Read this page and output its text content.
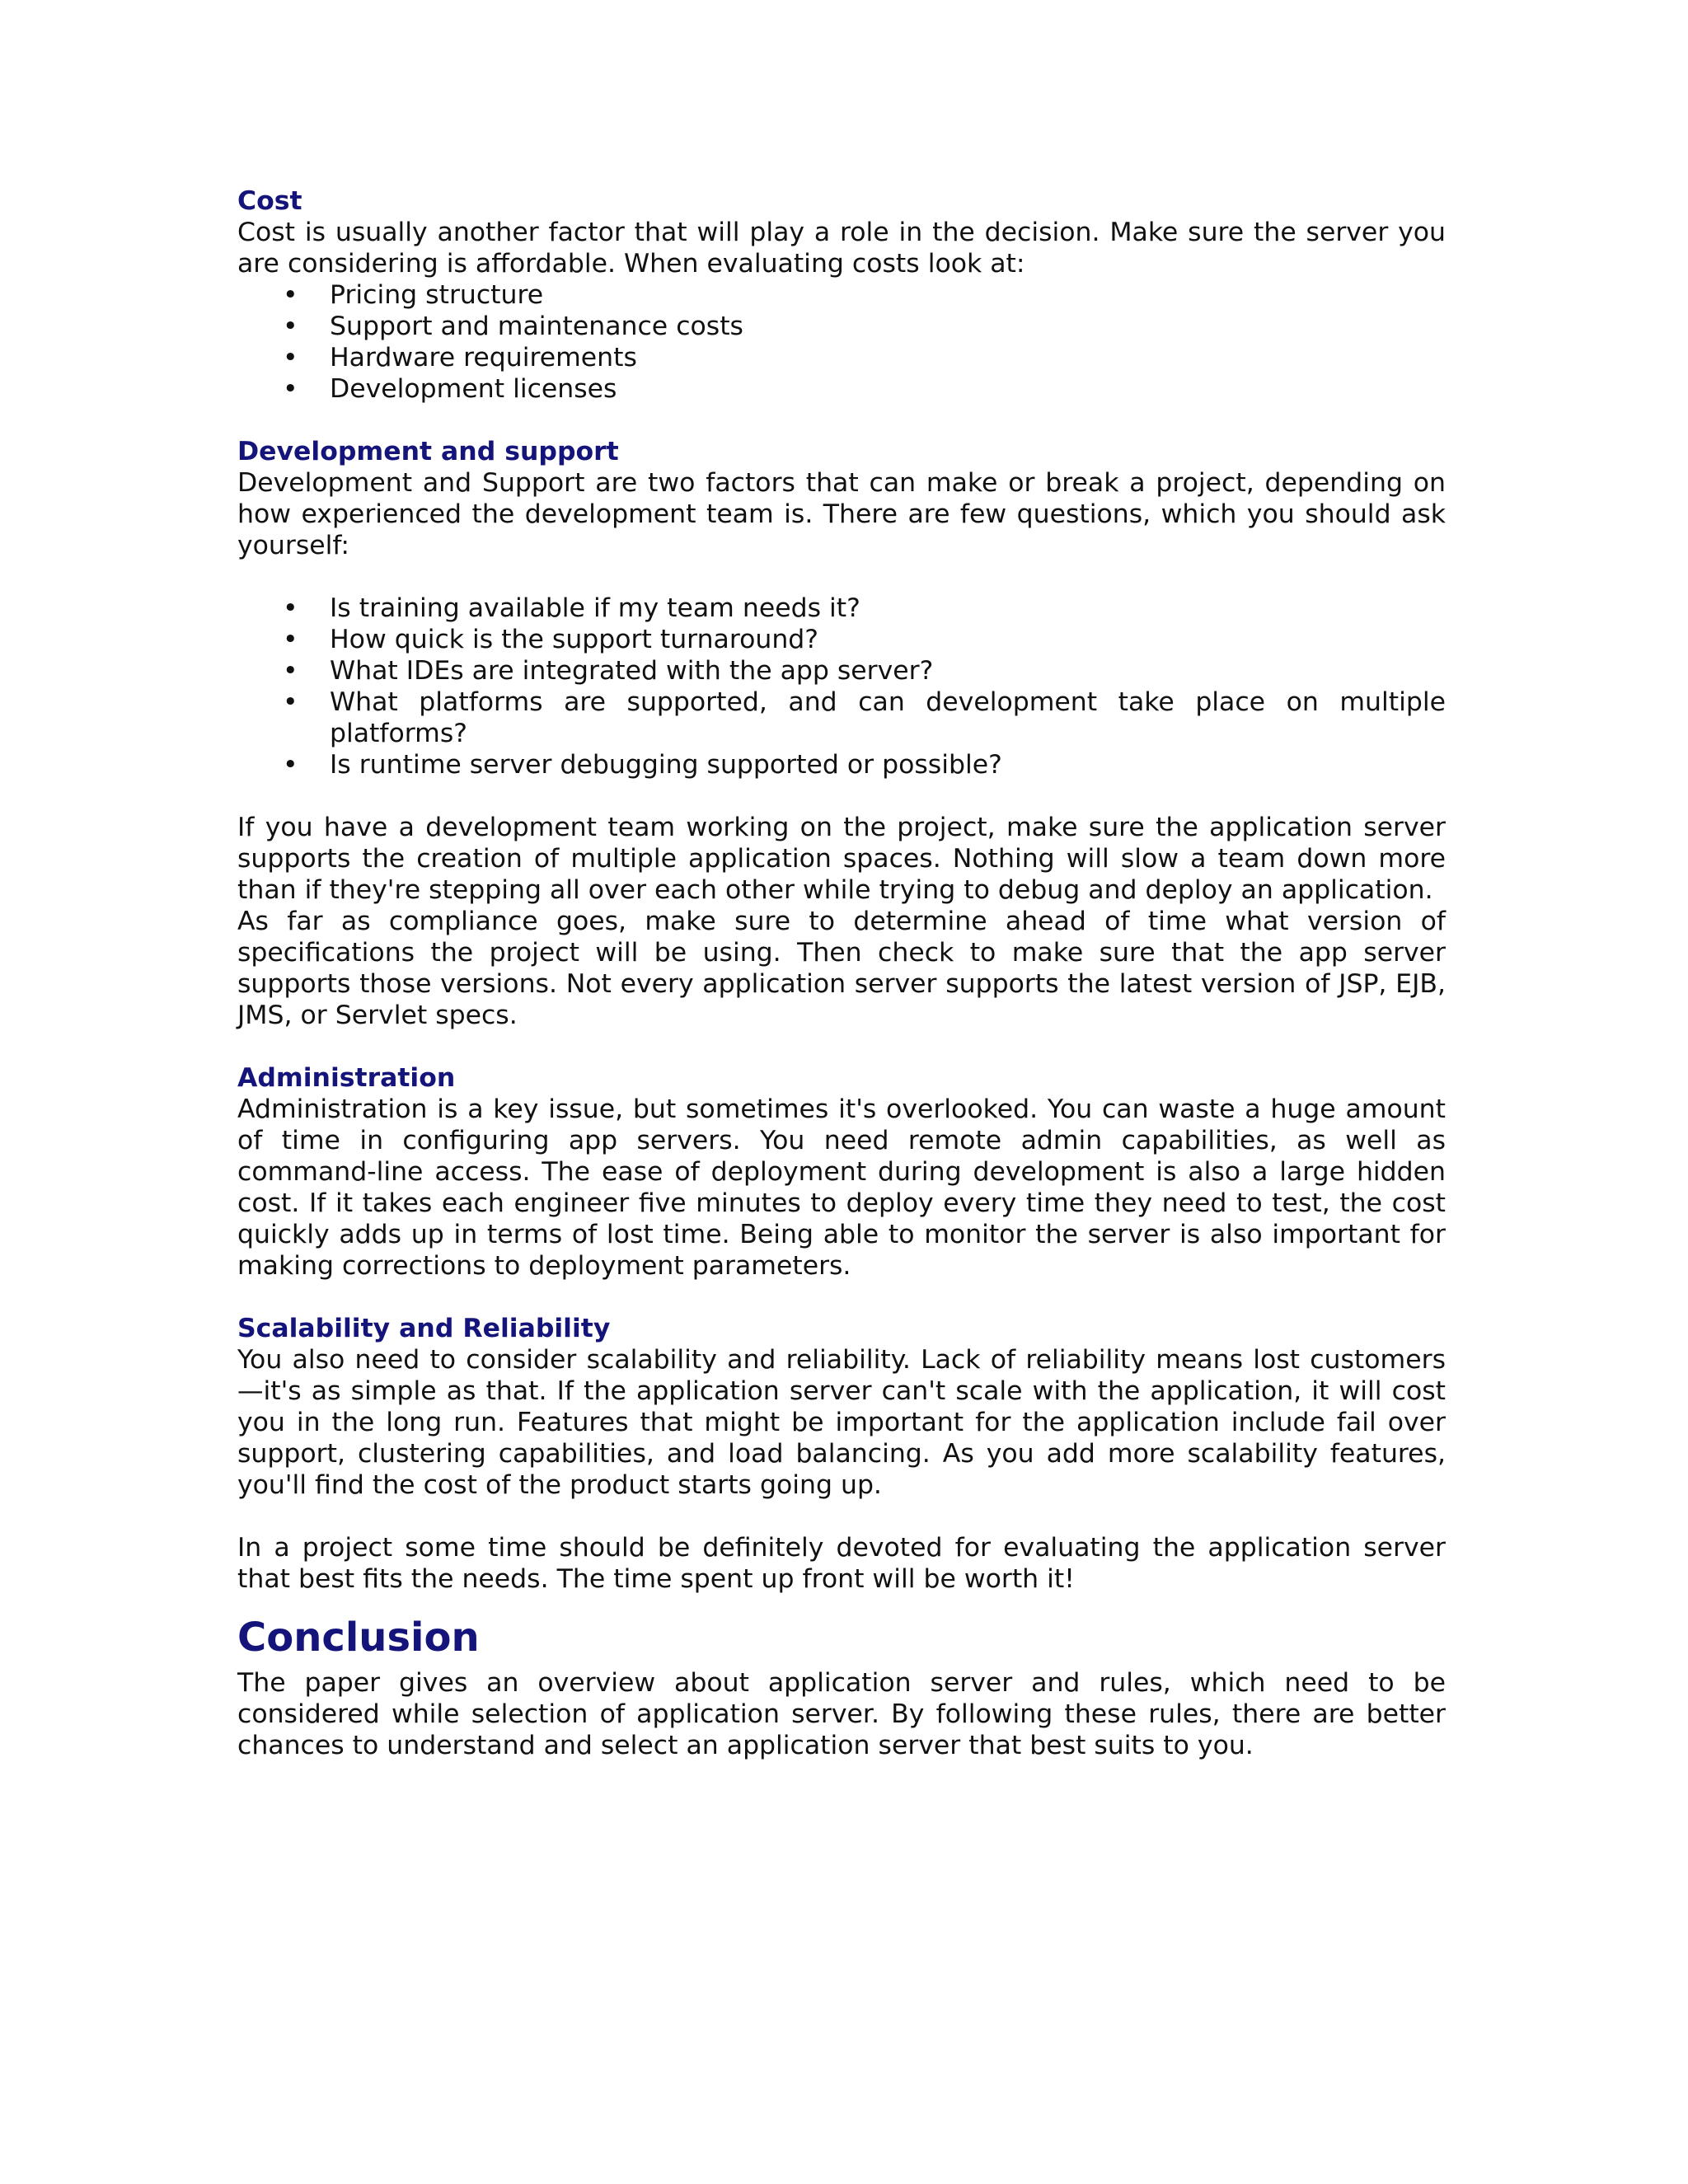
Cost

Cost is usually another factor that will play a role in the decision. Make sure the server you are considering is affordable. When evaluating costs look at:

• Pricing structure
• Support and maintenance costs
• Hardware requirements
• Development licenses
Development and support

Development and Support are two factors that can make or break a project, depending on how experienced the development team is. There are few questions, which you should ask yourself:

• Is training available if my team needs it?
• How quick is the support turnaround?
• What IDEs are integrated with the app server?
• What platforms are supported, and can development take place on multiple platforms?
• Is runtime server debugging supported or possible?

If you have a development team working on the project, make sure the application server supports the creation of multiple application spaces. Nothing will slow a team down more than if they're stepping all over each other while trying to debug and deploy an application.

As far as compliance goes, make sure to determine ahead of time what version of specifications the project will be using. Then check to make sure that the app server supports those versions. Not every application server supports the latest version of JSP, EJB, JMS, or Servlet specs.

Administration

Administration is a key issue, but sometimes it's overlooked. You can waste a huge amount of time in configuring app servers. You need remote admin capabilities, as well as command-line access. The ease of deployment during development is also a large hidden cost. If it takes each engineer five minutes to deploy every time they need to test, the cost quickly adds up in terms of lost time. Being able to monitor the server is also important for making corrections to deployment parameters.

Scalability and Reliability

You also need to consider scalability and reliability. Lack of reliability means lost customers—it's as simple as that. If the application server can't scale with the application, it will cost you in the long run. Features that might be important for the application include fail over support, clustering capabilities, and load balancing. As you add more scalability features, you'll find the cost of the product starts going up.

In a project some time should be definitely devoted for evaluating the application server that best fits the needs. The time spent up front will be worth it!

Conclusion

The paper gives an overview about application server and rules, which need to be considered while selection of application server. By following these rules, there are better chances to understand and select an application server that best suits to you.
